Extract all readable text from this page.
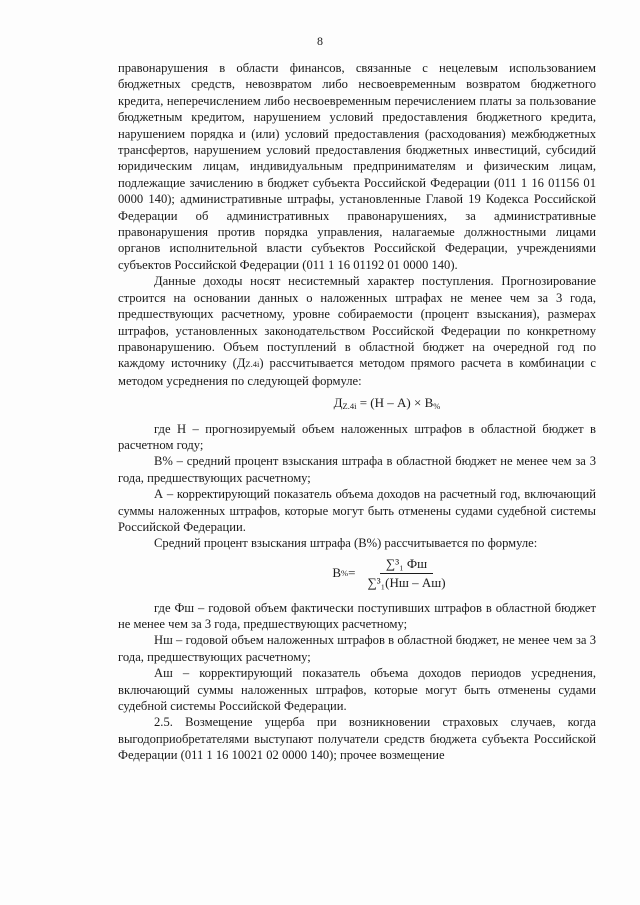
8

правонарушения в области финансов, связанные с нецелевым использованием бюджетных средств, невозвратом либо несвоевременным возвратом бюджетного кредита, неперечислением либо несвоевременным перечислением платы за пользование бюджетным кредитом, нарушением условий предоставления бюджетного кредита, нарушением порядка и (или) условий предоставления (расходования) межбюджетных трансфертов, нарушением условий предоставления бюджетных инвестиций, субсидий юридическим лицам, индивидуальным предпринимателям и физическим лицам, подлежащие зачислению в бюджет субъекта Российской Федерации (011 1 16 01156 01 0000 140); административные штрафы, установленные Главой 19 Кодекса Российской Федерации об административных правонарушениях, за административные правонарушения против порядка управления, налагаемые должностными лицами органов исполнительной власти субъектов Российской Федерации, учреждениями субъектов Российской Федерации (011 1 16 01192 01 0000 140).

Данные доходы носят несистемный характер поступления. Прогнозирование строится на основании данных о наложенных штрафах не менее чем за 3 года, предшествующих расчетному, уровне собираемости (процент взыскания), размерах штрафов, установленных законодательством Российской Федерации по конкретному правонарушению. Объем поступлений в областной бюджет на очередной год по каждому источнику (ДZ.4i) рассчитывается методом прямого расчета в комбинации с методом усреднения по следующей формуле:

$Д_{Z.4i} = (Н - А) \times В_{\%}$

где Н – прогнозируемый объем наложенных штрафов в областной бюджет в расчетном году;

В% – средний процент взыскания штрафа в областной бюджет не менее чем за 3 года, предшествующих расчетному;

А – корректирующий показатель объема доходов на расчетный год, включающий суммы наложенных штрафов, которые могут быть отменены судами судебной системы Российской Федерации.

Средний процент взыскания штрафа (В%) рассчитывается по формуле:

В % = $\frac{\text{∑³₁ Фш}}{\text{∑³₁(Нш – Аш)}}$

где Фш – годовой объем фактически поступивших штрафов в областной бюджет не менее чем за 3 года, предшествующих расчетному;

Нш – годовой объем наложенных штрафов в областной бюджет, не менее чем за 3 года, предшествующих расчетному;

Аш – корректирующий показатель объема доходов периодов усреднения, включающий суммы наложенных штрафов, которые могут быть отменены судами судебной системы Российской Федерации.

2.5. Возмещение ущерба при возникновении страховых случаев, когда выгодоприобретателями выступают получатели средств бюджета субъекта Российской Федерации (011 1 16 10021 02 0000 140); прочее возмещение
